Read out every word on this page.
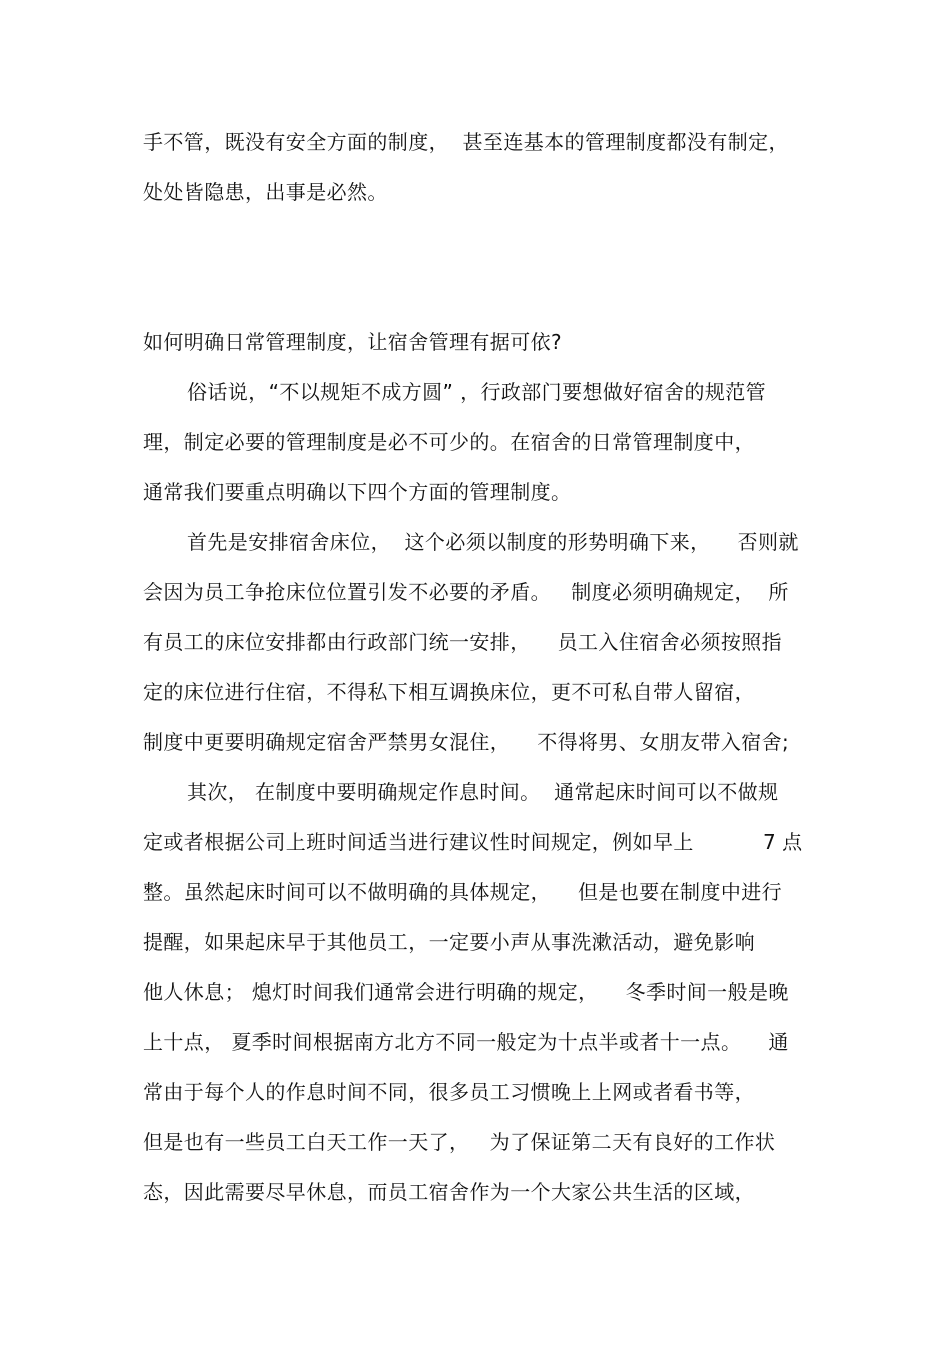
手不管，既没有安全方面的制度，  甚至连基本的管理制度都没有制定，
处处皆隐患，出事是必然。
如何明确日常管理制度，让宿舍管理有据可依?
俗话说，“不以规矩不成方圆” ，行政部门要想做好宿舍的规范管
理，制定必要的管理制度是必不可少的。在宿舍的日常管理制度中，
通常我们要重点明确以下四个方面的管理制度。
首先是安排宿舍床位，  这个必须以制度的形势明确下来，    否则就
会因为员工争抢床位位置引发不必要的矛盾。   制度必须明确规定，  所
有员工的床位安排都由行政部门统一安排，    员工入住宿舍必须按照指
定的床位进行住宿，不得私下相互调换床位，更不可私自带人留宿，
制度中更要明确规定宿舍严禁男女混住，    不得将男、女朋友带入宿舍;
其次， 在制度中要明确规定作息时间。  通常起床时间可以不做规
定或者根据公司上班时间适当进行建议性时间规定，例如早上	7 点
整。虽然起床时间可以不做明确的具体规定，    但是也要在制度中进行
提醒，如果起床早于其他员工，一定要小声从事洗漱活动，避免影响
他人休息； 熄灯时间我们通常会进行明确的规定，    冬季时间一般是晚
上十点， 夏季时间根据南方北方不同一般定为十点半或者十一点。    通
常由于每个人的作息时间不同，很多员工习惯晚上上网或者看书等，
但是也有一些员工白天工作一天了，   为了保证第二天有良好的工作状
态，因此需要尽早休息，而员工宿舍作为一个大家公共生活的区域，
